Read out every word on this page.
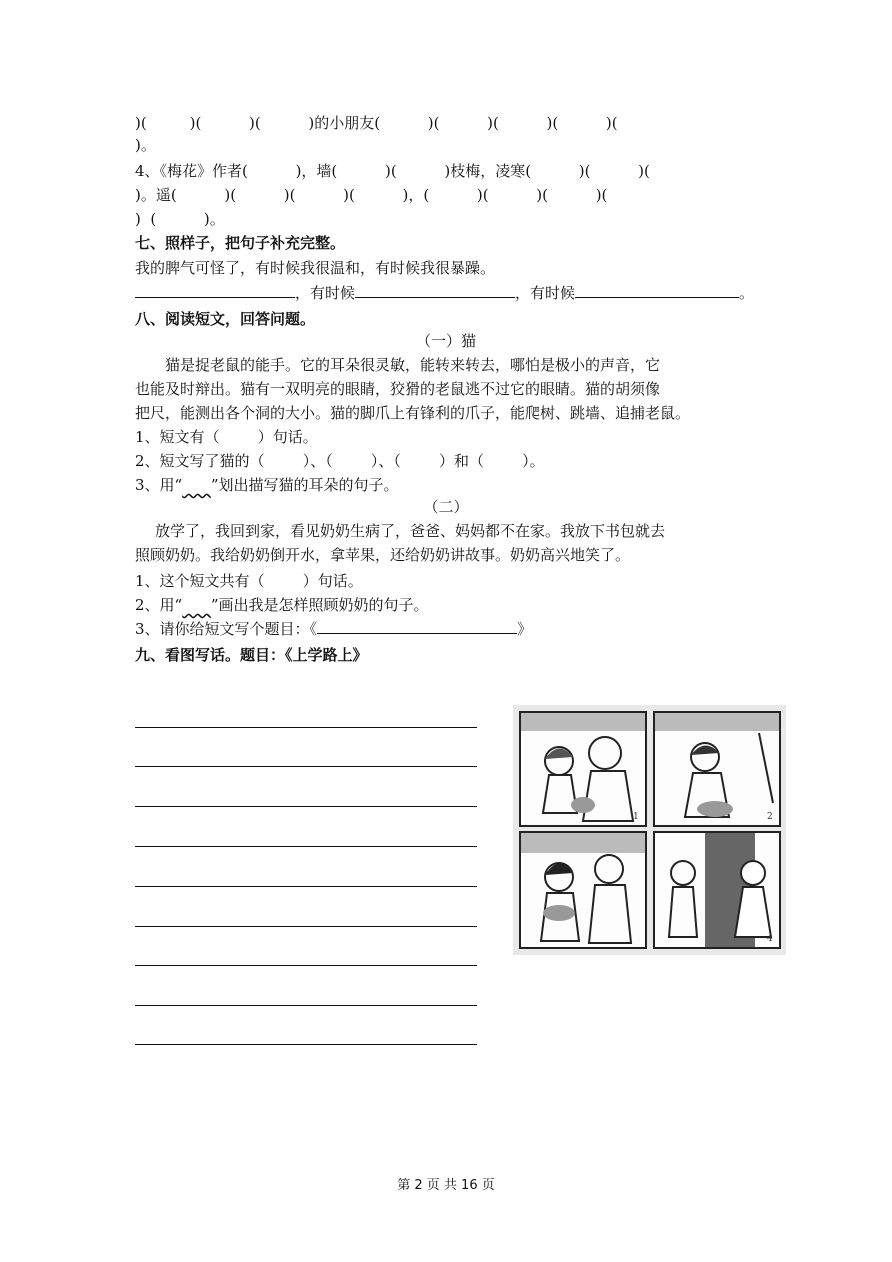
)(         )(          )(          )的小朋友(          )(          )(          )(          )(
)。
4、《梅花》作者(          )，墙(          )(          )枝梅，凌寒(          )(          )(
)。遥(          )(          )(          )(          )，(          )(          )(          )(
)  (          )。
七、照样子，把句子补充完整。
我的脾气可怪了，有时候我很温和，有时候我很暴躁。
，有时候	，有时候	。
八、阅读短文，回答问题。
（一）猫
猫是捉老鼠的能手。它的耳朵很灵敏，能转来转去，哪怕是极小的声音，它
也能及时辩出。猫有一双明亮的眼睛，狡猾的老鼠逃不过它的眼睛。猫的胡须像
把尺，能测出各个洞的大小。猫的脚爪上有锋利的爪子，能爬树、跳墙、追捕老鼠。
1、短文有（        ）句话。
2、短文写了猫的（        ）、（        ）、（        ）和（        ）。
3、用“ ”划出描写猫的耳朵的句子。
（二）
放学了，我回到家，看见奶奶生病了，爸爸、妈妈都不在家。我放下书包就去
照顾奶奶。我给奶奶倒开水，拿苹果，还给奶奶讲故事。奶奶高兴地笑了。
1、这个短文共有（        ）句话。
2、用“ ”画出我是怎样照顾奶奶的句子。
3、请你给短文写个题目：《	》
九、看图写话。题目：《上学路上》
1	2
4
第 2 页 共 16 页
